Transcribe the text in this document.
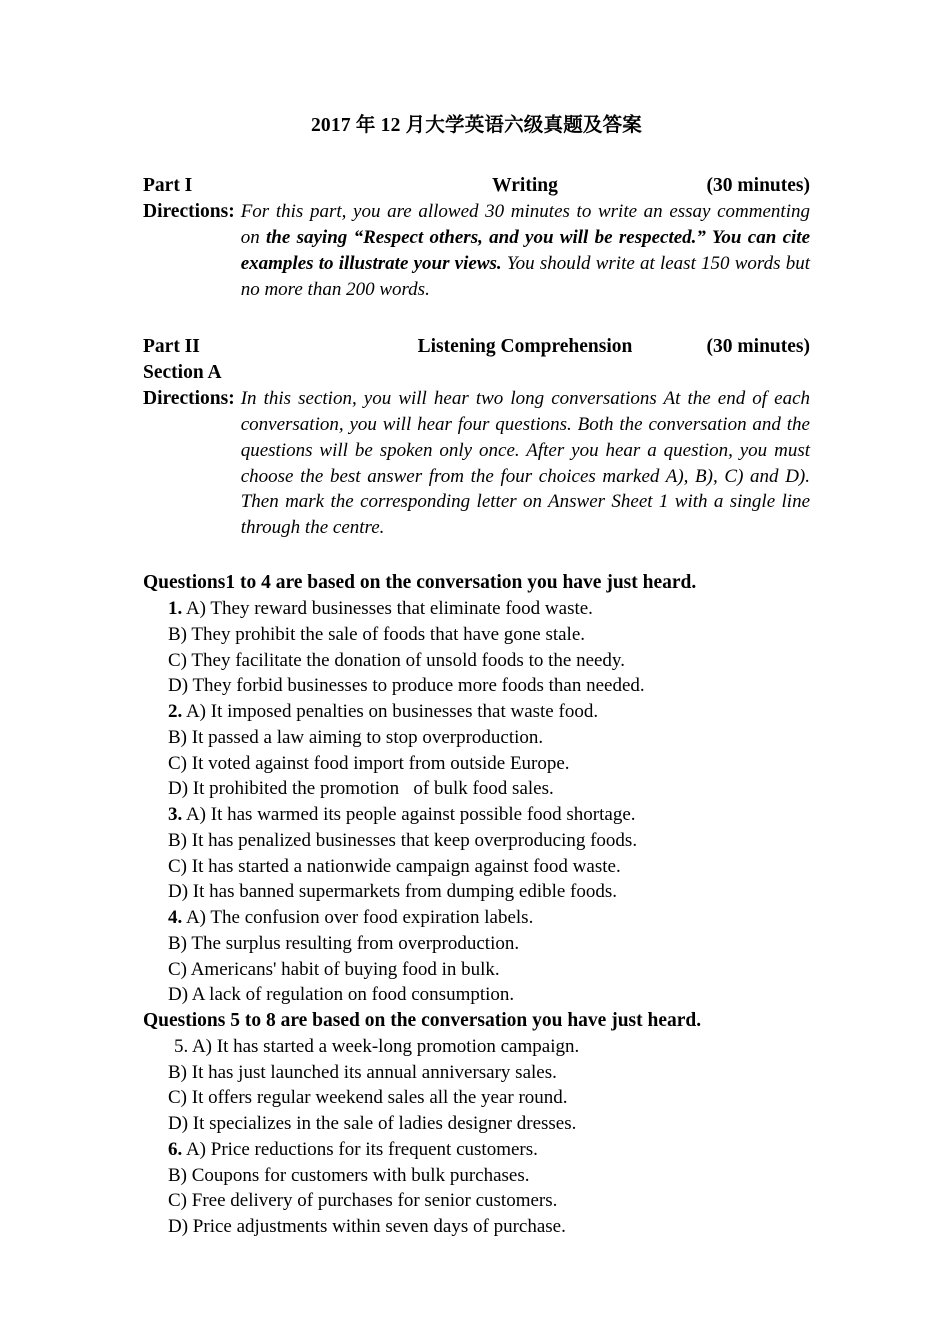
2017 年 12 月大学英语六级真题及答案
Part I	Writing	(30 minutes)
Directions: For this part, you are allowed 30 minutes to write an essay commenting on the saying “Respect others, and you will be respected.” You can cite examples to illustrate your views. You should write at least 150 words but no more than 200 words.
Part II	Listening Comprehension	(30 minutes)
Section A
Directions: In this section, you will hear two long conversations At the end of each conversation, you will hear four questions. Both the conversation and the questions will be spoken only once. After you hear a question, you must choose the best answer from the four choices marked A), B), C) and D). Then mark the corresponding letter on Answer Sheet 1 with a single line through the centre.
Questions1 to 4 are based on the conversation you have just heard.
1. A) They reward businesses that eliminate food waste.
B) They prohibit the sale of foods that have gone stale.
C) They facilitate the donation of unsold foods to the needy.
D) They forbid businesses to produce more foods than needed.
2. A) It imposed penalties on businesses that waste food.
B) It passed a law aiming to stop overproduction.
C) It voted against food import from outside Europe.
D) It prohibited the promotion   of bulk food sales.
3. A) It has warmed its people against possible food shortage.
B) It has penalized businesses that keep overproducing foods.
C) It has started a nationwide campaign against food waste.
D) It has banned supermarkets from dumping edible foods.
4. A) The confusion over food expiration labels.
B) The surplus resulting from overproduction.
C) Americans' habit of buying food in bulk.
D) A lack of regulation on food consumption.
Questions 5 to 8 are based on the conversation you have just heard.
5. A) It has started a week-long promotion campaign.
B) It has just launched its annual anniversary sales.
C) It offers regular weekend sales all the year round.
D) It specializes in the sale of ladies designer dresses.
6. A) Price reductions for its frequent customers.
B) Coupons for customers with bulk purchases.
C) Free delivery of purchases for senior customers.
D) Price adjustments within seven days of purchase.
